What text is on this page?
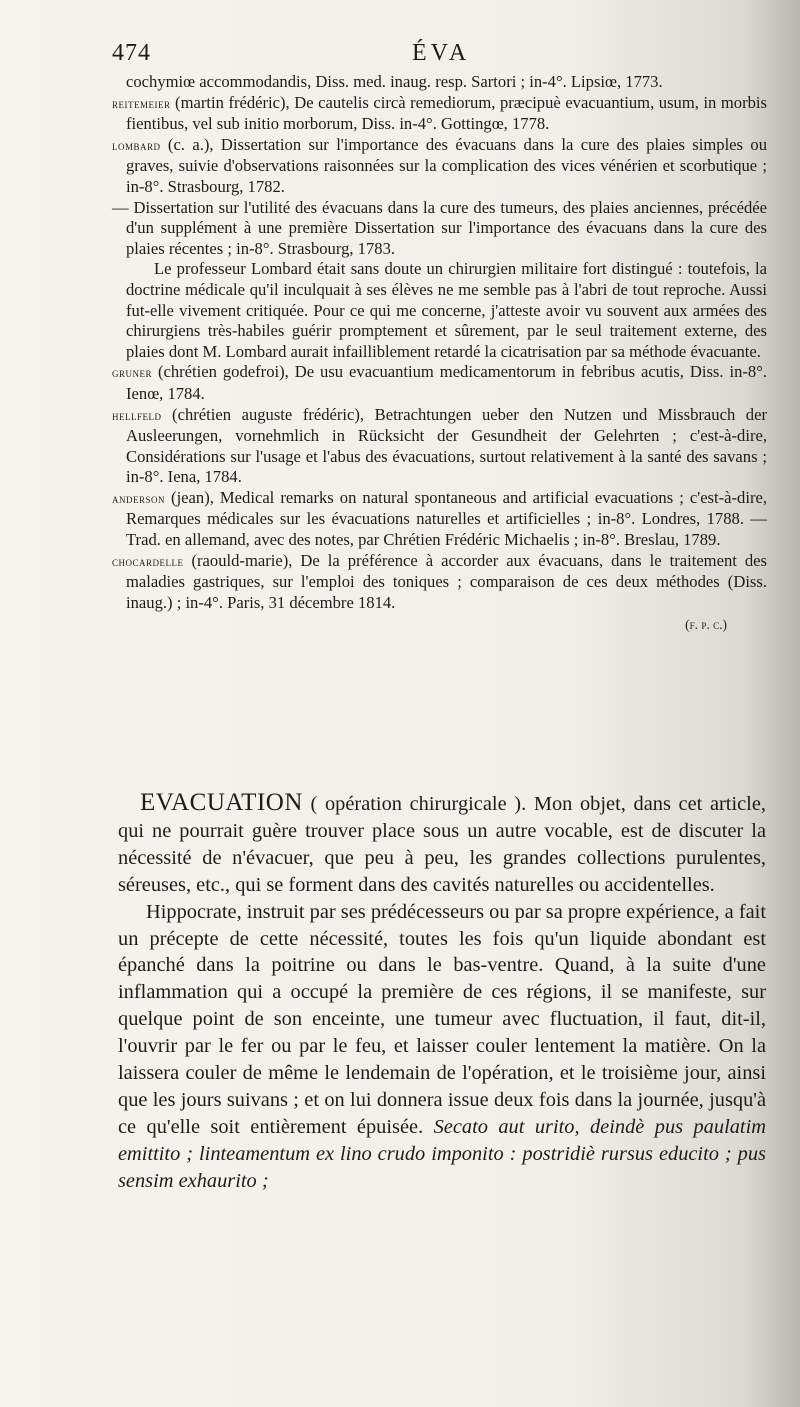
474	ÉVA

cochymiœ accommodandis, Diss. med. inaug. resp. Sartori ; in-4°. Lipsiœ, 1773.

reitemeier (martin frédéric), De cautelis circà remediorum, præcipuè evacuantium, usum, in morbis fientibus, vel sub initio morborum, Diss. in-4°. Gottingœ, 1778.

lombard (c. a.), Dissertation sur l'importance des évacuans dans la cure des plaies simples ou graves, suivie d'observations raisonnées sur la complication des vices vénérien et scorbutique ; in-8°. Strasbourg, 1782.

— Dissertation sur l'utilité des évacuans dans la cure des tumeurs, des plaies anciennes, précédée d'un supplément à une première Dissertation sur l'importance des évacuans dans la cure des plaies récentes ; in-8°. Strasbourg, 1783.

Le professeur Lombard était sans doute un chirurgien militaire fort distingué : toutefois, la doctrine médicale qu'il inculquait à ses élèves ne me semble pas à l'abri de tout reproche. Aussi fut-elle vivement critiquée. Pour ce qui me concerne, j'atteste avoir vu souvent aux armées des chirurgiens très-habiles guérir promptement et sûrement, par le seul traitement externe, des plaies dont M. Lombard aurait infailliblement retardé la cicatrisation par sa méthode évacuante.

gruner (chrétien godefroi), De usu evacuantium medicamentorum in febribus acutis, Diss. in-8°. Ienœ, 1784.

hellfeld (chrétien auguste frédéric), Betrachtungen ueber den Nutzen und Missbrauch der Ausleerungen, vornehmlich in Rücksicht der Gesundheit der Gelehrten ; c'est-à-dire, Considérations sur l'usage et l'abus des évacuations, surtout relativement à la santé des savans ; in-8°. Iena, 1784.

anderson (jean), Medical remarks on natural spontaneous and artificial evacuations ; c'est-à-dire, Remarques médicales sur les évacuations naturelles et artificielles ; in-8°. Londres, 1788. — Trad. en allemand, avec des notes, par Chrétien Frédéric Michaelis ; in-8°. Breslau, 1789.

chocardelle (raould-marie), De la préférence à accorder aux évacuans, dans le traitement des maladies gastriques, sur l'emploi des toniques ; comparaison de ces deux méthodes (Diss. inaug.) ; in-4°. Paris, 31 décembre 1814.

(f. p. c.)

EVACUATION ( opération chirurgicale ). Mon objet, dans cet article, qui ne pourrait guère trouver place sous un autre vocable, est de discuter la nécessité de n'évacuer, que peu à peu, les grandes collections purulentes, séreuses, etc., qui se forment dans des cavités naturelles ou accidentelles.

Hippocrate, instruit par ses prédécesseurs ou par sa propre expérience, a fait un précepte de cette nécessité, toutes les fois qu'un liquide abondant est épanché dans la poitrine ou dans le bas-ventre. Quand, à la suite d'une inflammation qui a occupé la première de ces régions, il se manifeste, sur quelque point de son enceinte, une tumeur avec fluctuation, il faut, dit-il, l'ouvrir par le fer ou par le feu, et laisser couler lentement la matière. On la laissera couler de même le lendemain de l'opération, et le troisième jour, ainsi que les jours suivans ; et on lui donnera issue deux fois dans la journée, jusqu'à ce qu'elle soit entièrement épuisée. Secato aut urito, deindè pus paulatim emittito ; linteamentum ex lino crudo imponito : postridiè rursus educito ; pus sensim exhaurito ;
